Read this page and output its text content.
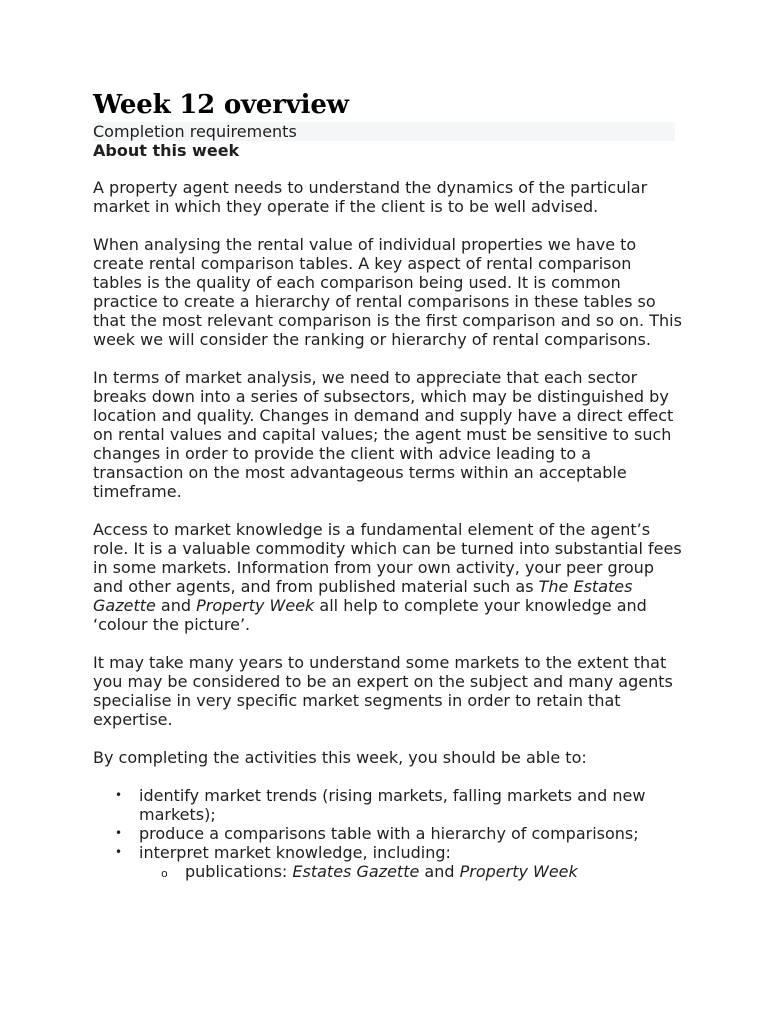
Week 12 overview
Completion requirements
About this week

A property agent needs to understand the dynamics of the particular market in which they operate if the client is to be well advised.

When analysing the rental value of individual properties we have to create rental comparison tables. A key aspect of rental comparison tables is the quality of each comparison being used. It is common practice to create a hierarchy of rental comparisons in these tables so that the most relevant comparison is the first comparison and so on. This week we will consider the ranking or hierarchy of rental comparisons.

In terms of market analysis, we need to appreciate that each sector breaks down into a series of subsectors, which may be distinguished by location and quality. Changes in demand and supply have a direct effect on rental values and capital values; the agent must be sensitive to such changes in order to provide the client with advice leading to a transaction on the most advantageous terms within an acceptable timeframe.

Access to market knowledge is a fundamental element of the agent’s role. It is a valuable commodity which can be turned into substantial fees in some markets. Information from your own activity, your peer group and other agents, and from published material such as The Estates Gazette and Property Week all help to complete your knowledge and ‘colour the picture’.

It may take many years to understand some markets to the extent that you may be considered to be an expert on the subject and many agents specialise in very specific market segments in order to retain that expertise.

By completing the activities this week, you should be able to:

• identify market trends (rising markets, falling markets and new markets);
• produce a comparisons table with a hierarchy of comparisons;
• interpret market knowledge, including:
o publications: Estates Gazette and Property Week
